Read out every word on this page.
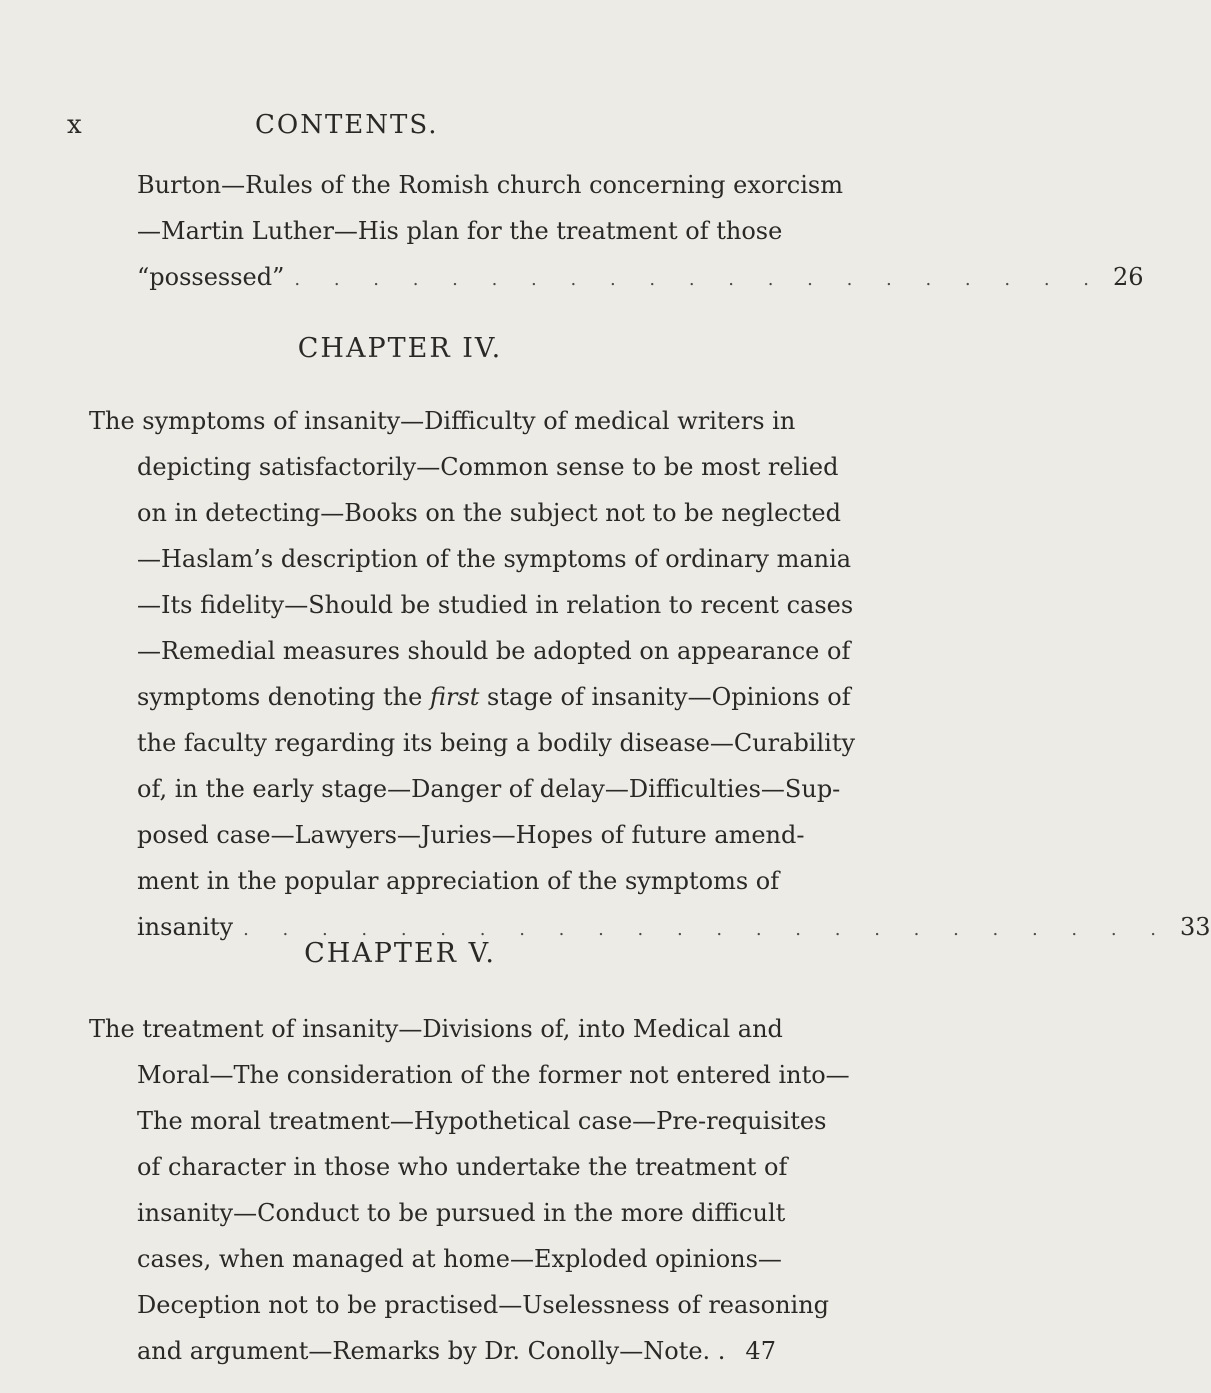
x	CONTENTS.
Burton—Rules of the Romish church concerning exorcism
—Martin Luther—His plan for the treatment of those
“possessed” . . . . . . . . . . . . . . . . . . . . . 26
CHAPTER IV.
The symptoms of insanity—Difficulty of medical writers in
depicting satisfactorily—Common sense to be most relied
on in detecting—Books on the subject not to be neglected
—Haslam’s description of the symptoms of ordinary mania
—Its fidelity—Should be studied in relation to recent cases
—Remedial measures should be adopted on appearance of
symptoms denoting the first stage of insanity—Opinions of
the faculty regarding its being a bodily disease—Curability
of, in the early stage—Danger of delay—Difficulties—Sup-
posed case—Lawyers—Juries—Hopes of future amend-
ment in the popular appreciation of the symptoms of
insanity . . . . . . . . . . . . . . . . . . . . . . . . 33
CHAPTER V.
The treatment of insanity—Divisions of, into Medical and
Moral—The consideration of the former not entered into—
The moral treatment—Hypothetical case—Pre-requisites
of character in those who undertake the treatment of
insanity—Conduct to be pursued in the more difficult
cases, when managed at home—Exploded opinions—
Deception not to be practised—Uselessness of reasoning
and argument—Remarks by Dr. Conolly—Note. . 47
